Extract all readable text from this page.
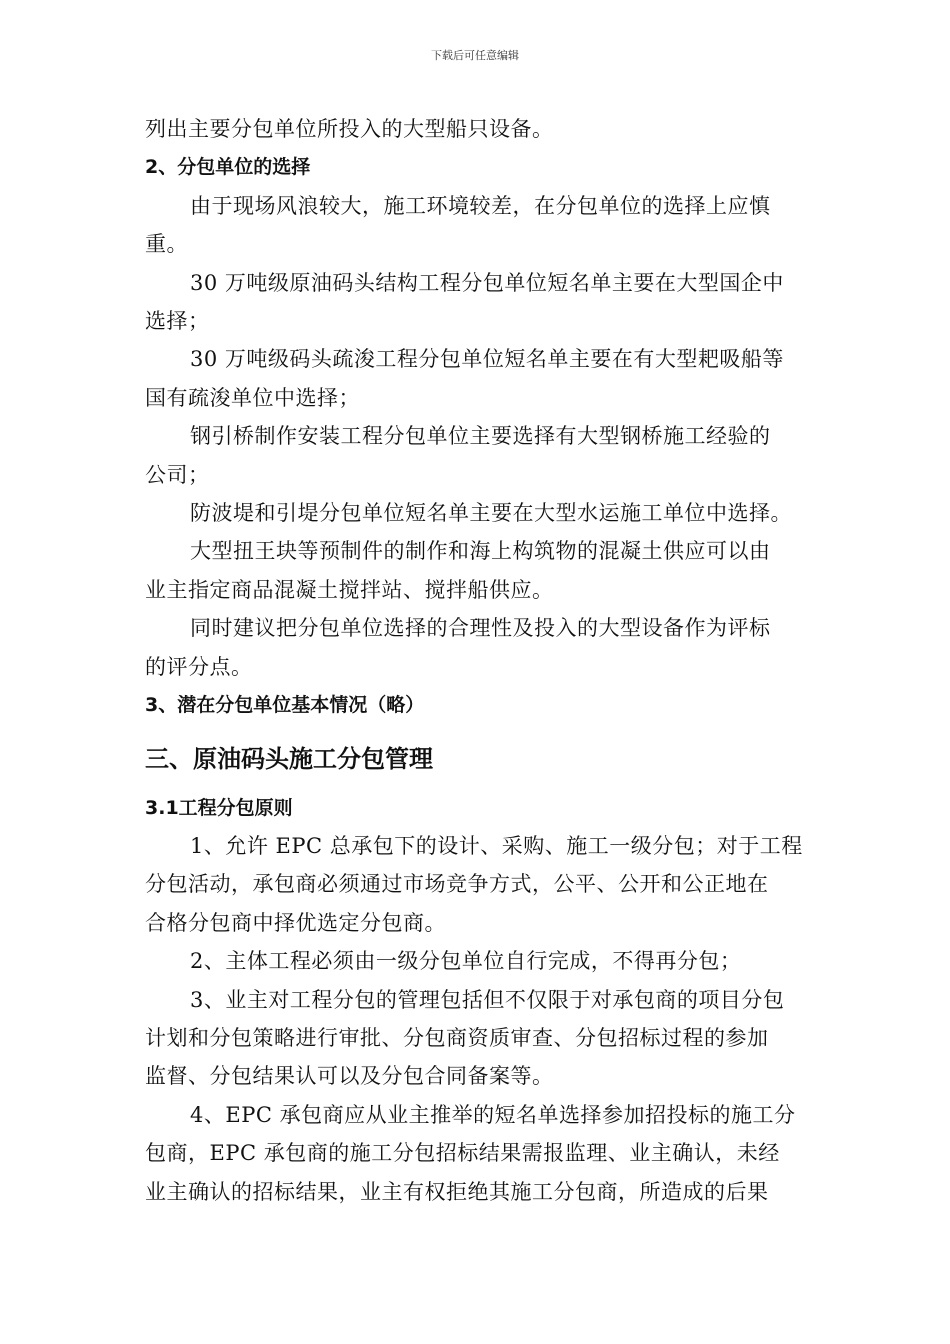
下载后可任意编辑
列出主要分包单位所投入的大型船只设备。
2、分包单位的选择
由于现场风浪较大，施工环境较差，在分包单位的选择上应慎
重。
30 万吨级原油码头结构工程分包单位短名单主要在大型国企中
选择；
30 万吨级码头疏浚工程分包单位短名单主要在有大型耙吸船等
国有疏浚单位中选择；
钢引桥制作安装工程分包单位主要选择有大型钢桥施工经验的
公司；
防波堤和引堤分包单位短名单主要在大型水运施工单位中选择。
大型扭王块等预制件的制作和海上构筑物的混凝土供应可以由
业主指定商品混凝土搅拌站、搅拌船供应。
同时建议把分包单位选择的合理性及投入的大型设备作为评标
的评分点。
3、潜在分包单位基本情况（略）
三、原油码头施工分包管理
3.1工程分包原则
1、允许 EPC 总承包下的设计、采购、施工一级分包；对于工程
分包活动，承包商必须通过市场竞争方式，公平、公开和公正地在
合格分包商中择优选定分包商。
2、主体工程必须由一级分包单位自行完成，不得再分包；
3、业主对工程分包的管理包括但不仅限于对承包商的项目分包
计划和分包策略进行审批、分包商资质审查、分包招标过程的参加
监督、分包结果认可以及分包合同备案等。
4、EPC 承包商应从业主推举的短名单选择参加招投标的施工分
包商，EPC 承包商的施工分包招标结果需报监理、业主确认，未经
业主确认的招标结果，业主有权拒绝其施工分包商，所造成的后果
